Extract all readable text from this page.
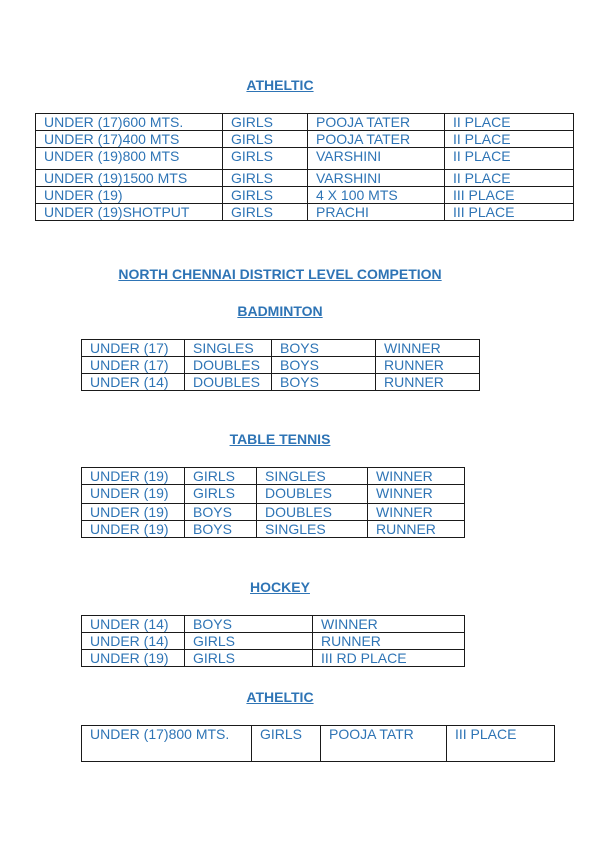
ATHELTIC
UNDER (17)600 MTS.	GIRLS	POOJA TATER	II PLACE
UNDER (17)400 MTS	GIRLS	POOJA TATER	II PLACE
UNDER (19)800 MTS	GIRLS	VARSHINI	II PLACE
UNDER (19)1500 MTS	GIRLS	VARSHINI	II PLACE
UNDER (19)	GIRLS	4 X 100 MTS	III PLACE
UNDER (19)SHOTPUT	GIRLS	PRACHI	III PLACE
NORTH CHENNAI DISTRICT LEVEL COMPETION
BADMINTON
UNDER (17)	SINGLES	BOYS	WINNER
UNDER (17)	DOUBLES	BOYS	RUNNER
UNDER (14)	DOUBLES	BOYS	RUNNER
TABLE TENNIS
UNDER (19)	GIRLS	SINGLES	WINNER
UNDER (19)	GIRLS	DOUBLES	WINNER
UNDER (19)	BOYS	DOUBLES	WINNER
UNDER (19)	BOYS	SINGLES	RUNNER
HOCKEY
UNDER (14)	BOYS	WINNER
UNDER (14)	GIRLS	RUNNER
UNDER (19)	GIRLS	III RD PLACE
ATHELTIC
UNDER (17)800 MTS.	GIRLS	POOJA TATR	III PLACE
